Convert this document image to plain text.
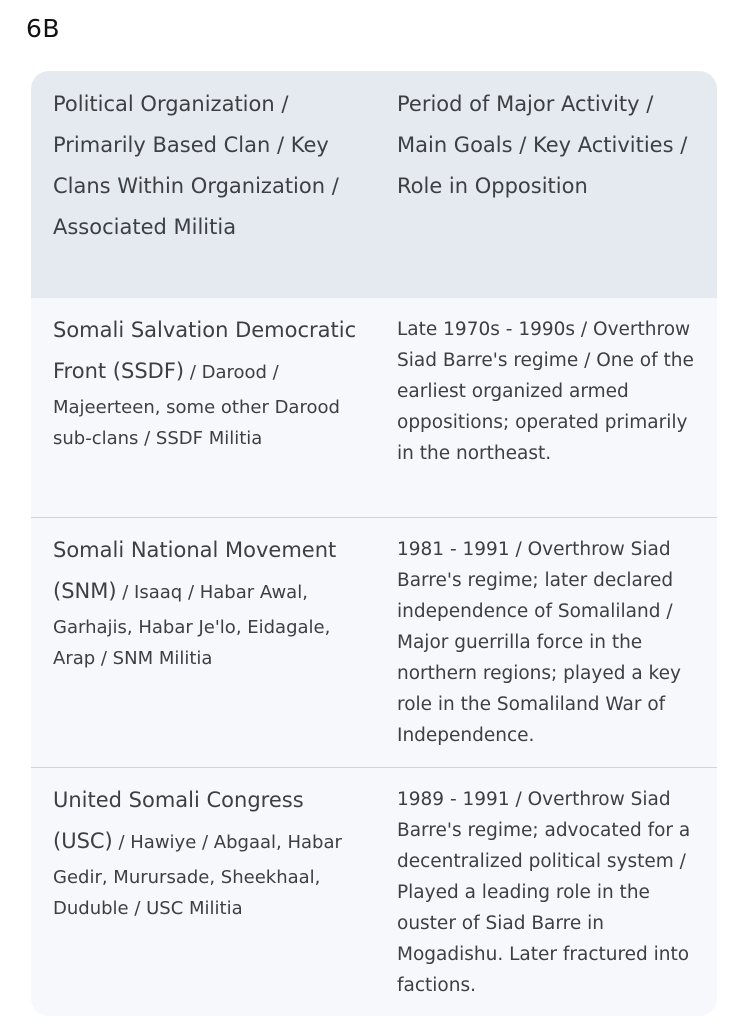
6B
Political Organization / Primarily Based Clan / Key Clans Within Organization / Associated Militia
Period of Major Activity / Main Goals / Key Activities / Role in Opposition
Somali Salvation Democratic Front (SSDF) / Darood / Majeerteen, some other Darood sub-clans / SSDF Militia
Late 1970s - 1990s / Overthrow Siad Barre's regime / One of the earliest organized armed oppositions; operated primarily in the northeast.
Somali National Movement (SNM) / Isaaq / Habar Awal, Garhajis, Habar Je'lo, Eidagale, Arap / SNM Militia
1981 - 1991 / Overthrow Siad Barre's regime; later declared independence of Somaliland / Major guerrilla force in the northern regions; played a key role in the Somaliland War of Independence.
United Somali Congress (USC) / Hawiye / Abgaal, Habar Gedir, Murursade, Sheekhaal, Duduble / USC Militia
1989 - 1991 / Overthrow Siad Barre's regime; advocated for a decentralized political system / Played a leading role in the ouster of Siad Barre in Mogadishu. Later fractured into factions.
